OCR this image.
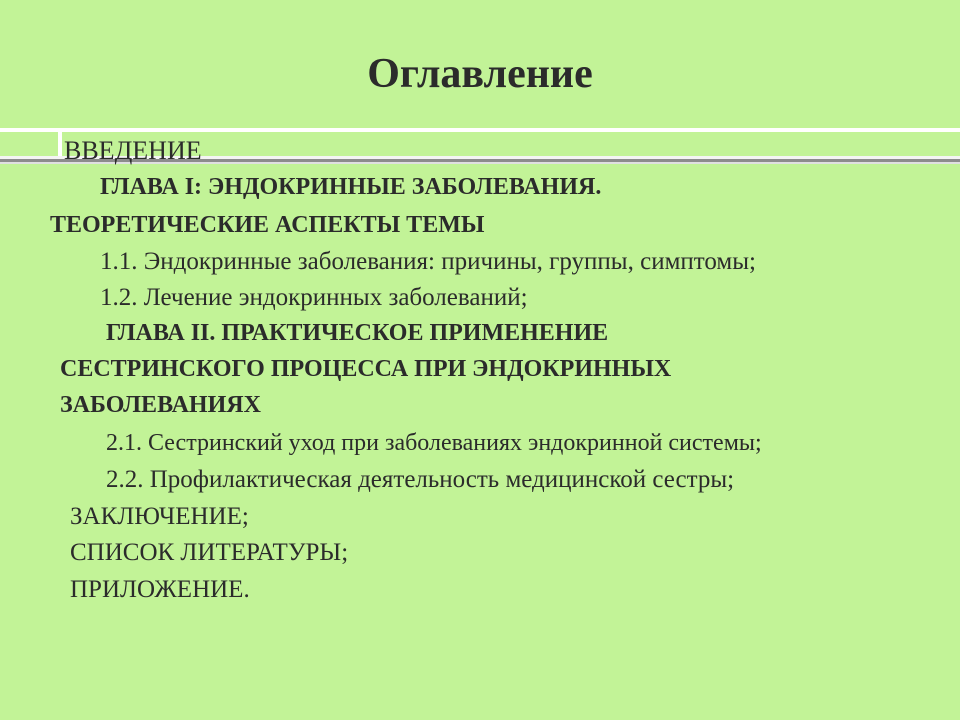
Оглавление
ВВЕДЕНИЕ
ГЛАВА I: ЭНДОКРИННЫЕ ЗАБОЛЕВАНИЯ.
ТЕОРЕТИЧЕСКИЕ АСПЕКТЫ ТЕМЫ
1.1. Эндокринные заболевания: причины, группы, симптомы;
1.2. Лечение эндокринных заболеваний;
ГЛАВА II. ПРАКТИЧЕСКОЕ ПРИМЕНЕНИЕ
СЕСТРИНСКОГО ПРОЦЕССА ПРИ ЭНДОКРИННЫХ
ЗАБОЛЕВАНИЯХ
2.1. Сестринский уход при заболеваниях эндокринной системы;
2.2. Профилактическая деятельность медицинской сестры;
ЗАКЛЮЧЕНИЕ;
СПИСОК ЛИТЕРАТУРЫ;
ПРИЛОЖЕНИЕ.
